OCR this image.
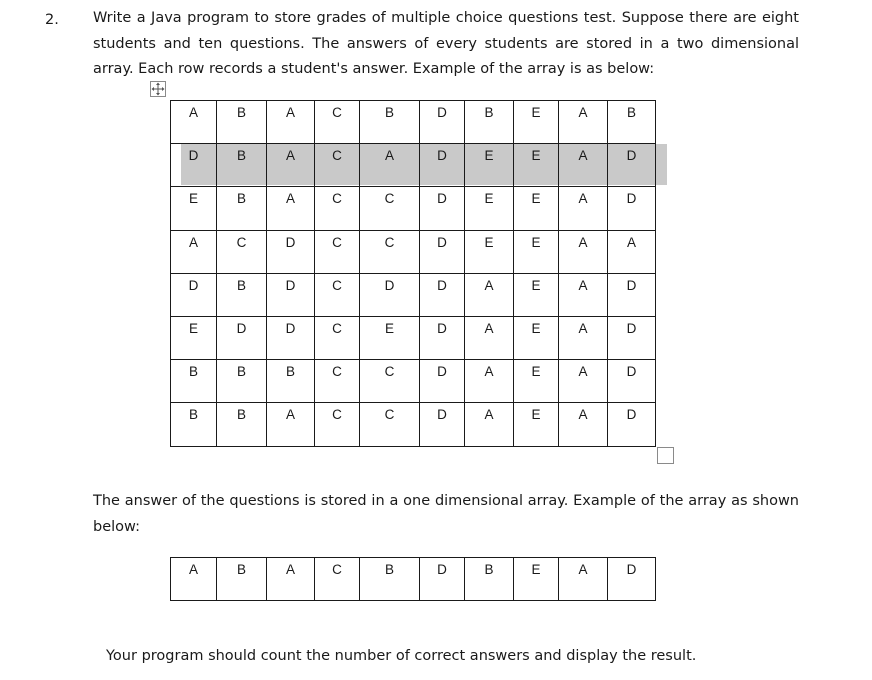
2. Write a Java program to store grades of multiple choice questions test. Suppose there are eight students and ten questions. The answers of every students are stored in a two dimensional array. Each row records a student's answer. Example of the array is as below:
A	B	A	C	B	D	B	E	A	B
D	B	A	C	A	D	E	E	A	D
E	B	A	C	C	D	E	E	A	D
A	C	D	C	C	D	E	E	A	A
D	B	D	C	D	D	A	E	A	D
E	D	D	C	E	D	A	E	A	D
B	B	B	C	C	D	A	E	A	D
B	B	A	C	C	D	A	E	A	D
The answer of the questions is stored in a one dimensional array. Example of the array as shown below:
A	B	A	C	B	D	B	E	A	D
Your program should count the number of correct answers and display the result.
